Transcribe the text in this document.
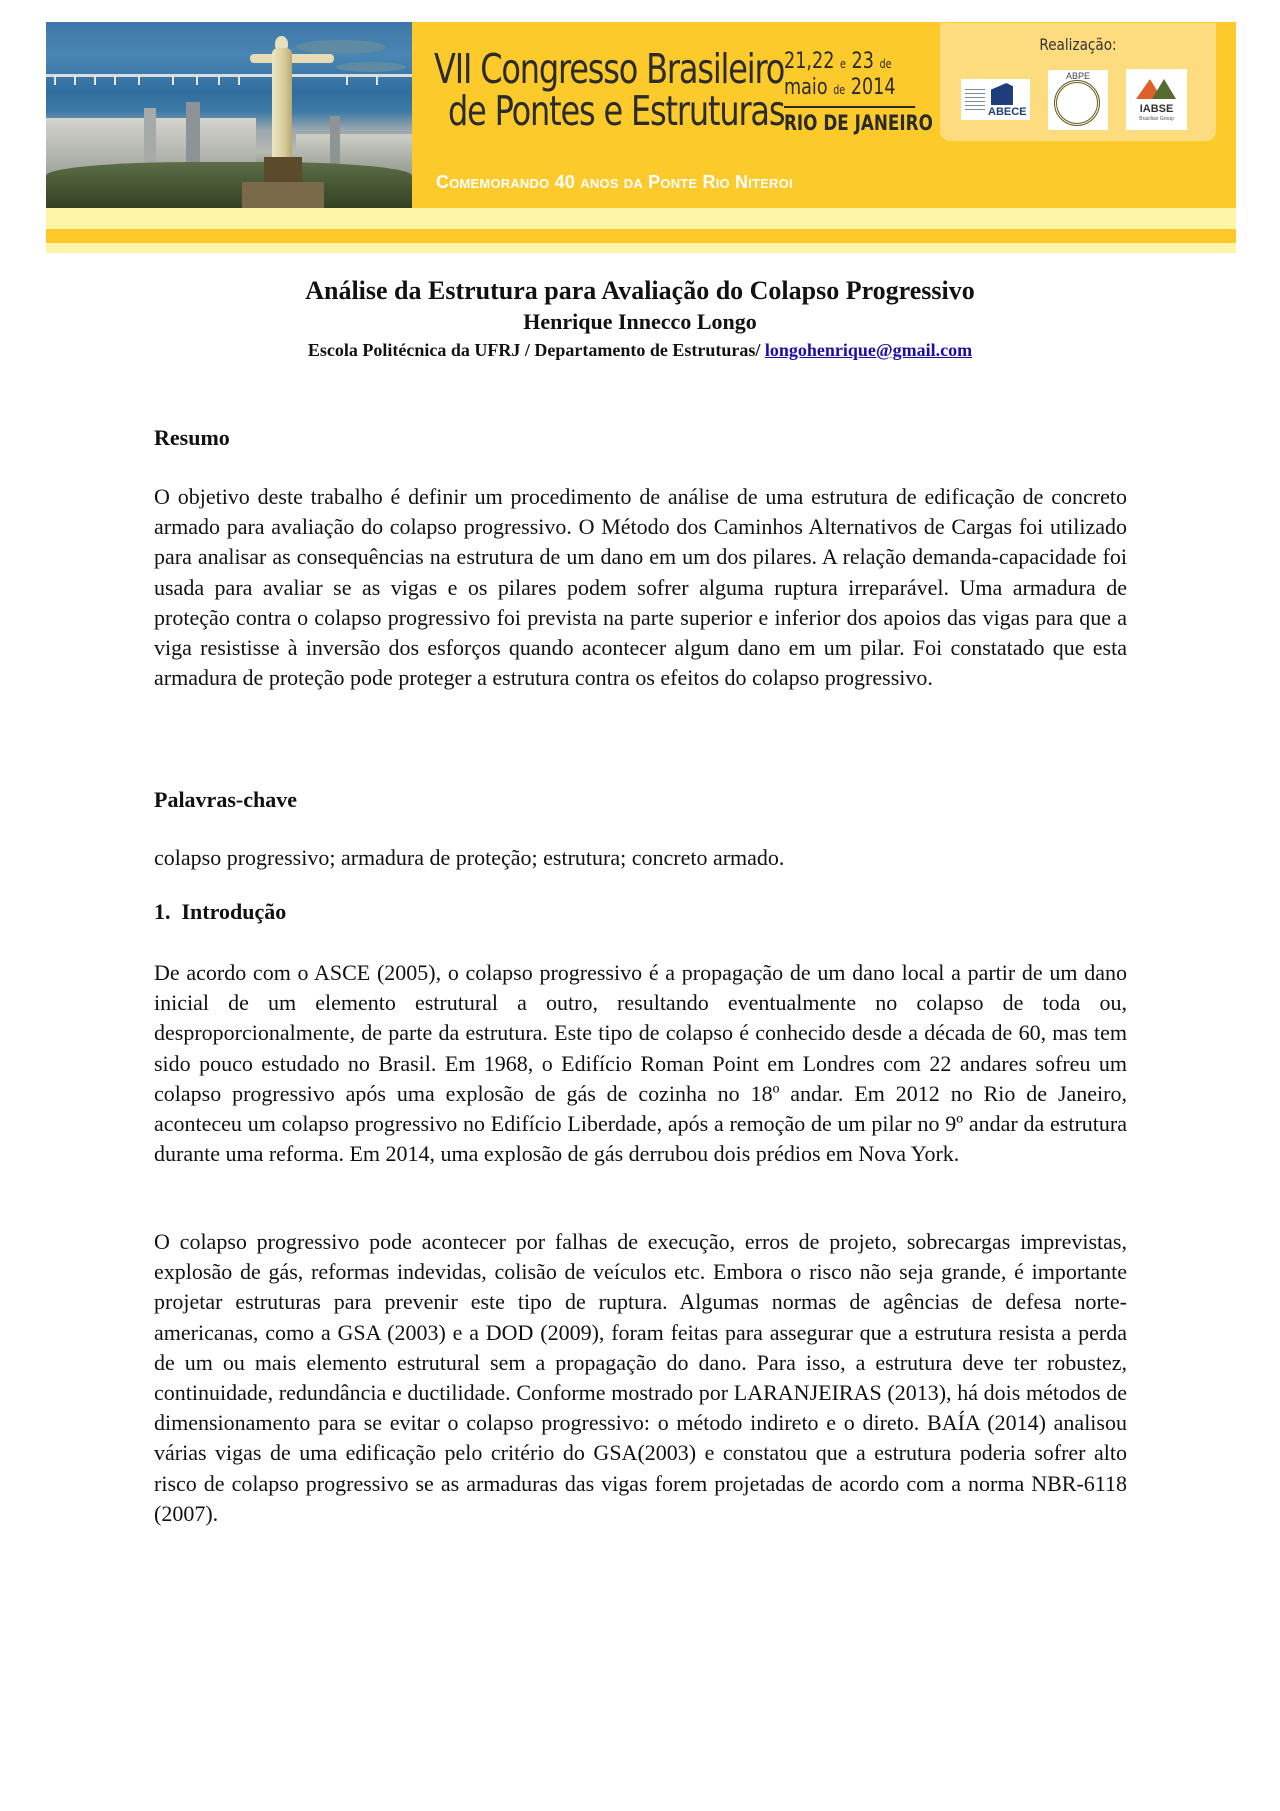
VII Congresso Brasileiro
de Pontes e Estruturas
21,22 e 23 de
maio de 2014
RIO DE JANEIRO
Comemorando 40 anos da Ponte Rio Niteroi
Realização:
ABECE
ABPE
IABSE
Brazilian Group
Análise da Estrutura para Avaliação do Colapso Progressivo
Henrique Innecco Longo
Escola Politécnica da UFRJ / Departamento de Estruturas/ longohenrique@gmail.com
Resumo
O objetivo deste trabalho é definir um procedimento de análise de uma estrutura de edificação de concreto armado para avaliação do colapso progressivo. O Método dos Caminhos Alternativos de Cargas foi utilizado para analisar as consequências na estrutura de um dano em um dos pilares. A relação demanda-capacidade foi usada para avaliar se as vigas e os pilares podem sofrer alguma ruptura irreparável. Uma armadura de proteção contra o colapso progressivo foi prevista na parte superior e inferior dos apoios das vigas para que a viga resistisse à inversão dos esforços quando acontecer algum dano em um pilar. Foi constatado que esta armadura de proteção pode proteger a estrutura contra os efeitos do colapso progressivo.
Palavras-chave
colapso progressivo; armadura de proteção; estrutura; concreto armado.
1.  Introdução
De acordo com o ASCE (2005), o colapso progressivo é a propagação de um dano local a partir de um dano inicial de um elemento estrutural a outro, resultando eventualmente no colapso de toda ou, desproporcionalmente, de parte da estrutura. Este tipo de colapso é conhecido desde a década de 60, mas tem sido pouco estudado no Brasil. Em 1968, o Edifício Roman Point em Londres com 22 andares sofreu um colapso progressivo após uma explosão de gás de cozinha no 18º andar. Em 2012 no Rio de Janeiro, aconteceu um colapso progressivo no Edifício Liberdade, após a remoção de um pilar no 9º andar da estrutura durante uma reforma. Em 2014, uma explosão de gás derrubou dois prédios em Nova York.
O colapso progressivo pode acontecer por falhas de execução, erros de projeto, sobrecargas imprevistas, explosão de gás, reformas indevidas, colisão de veículos etc. Embora o risco não seja grande, é importante projetar estruturas para prevenir este tipo de ruptura. Algumas normas de agências de defesa norte-americanas, como a GSA (2003) e a DOD (2009), foram feitas para assegurar que a estrutura resista a perda de um ou mais elemento estrutural sem a propagação do dano. Para isso, a estrutura deve ter robustez, continuidade, redundância e ductilidade. Conforme mostrado por LARANJEIRAS (2013), há dois métodos de dimensionamento para se evitar o colapso progressivo: o método indireto e o direto. BAÍA (2014) analisou várias vigas de uma edificação pelo critério do GSA(2003) e constatou que a estrutura poderia sofrer alto risco de colapso progressivo se as armaduras das vigas forem projetadas de acordo com a norma NBR-6118 (2007).
